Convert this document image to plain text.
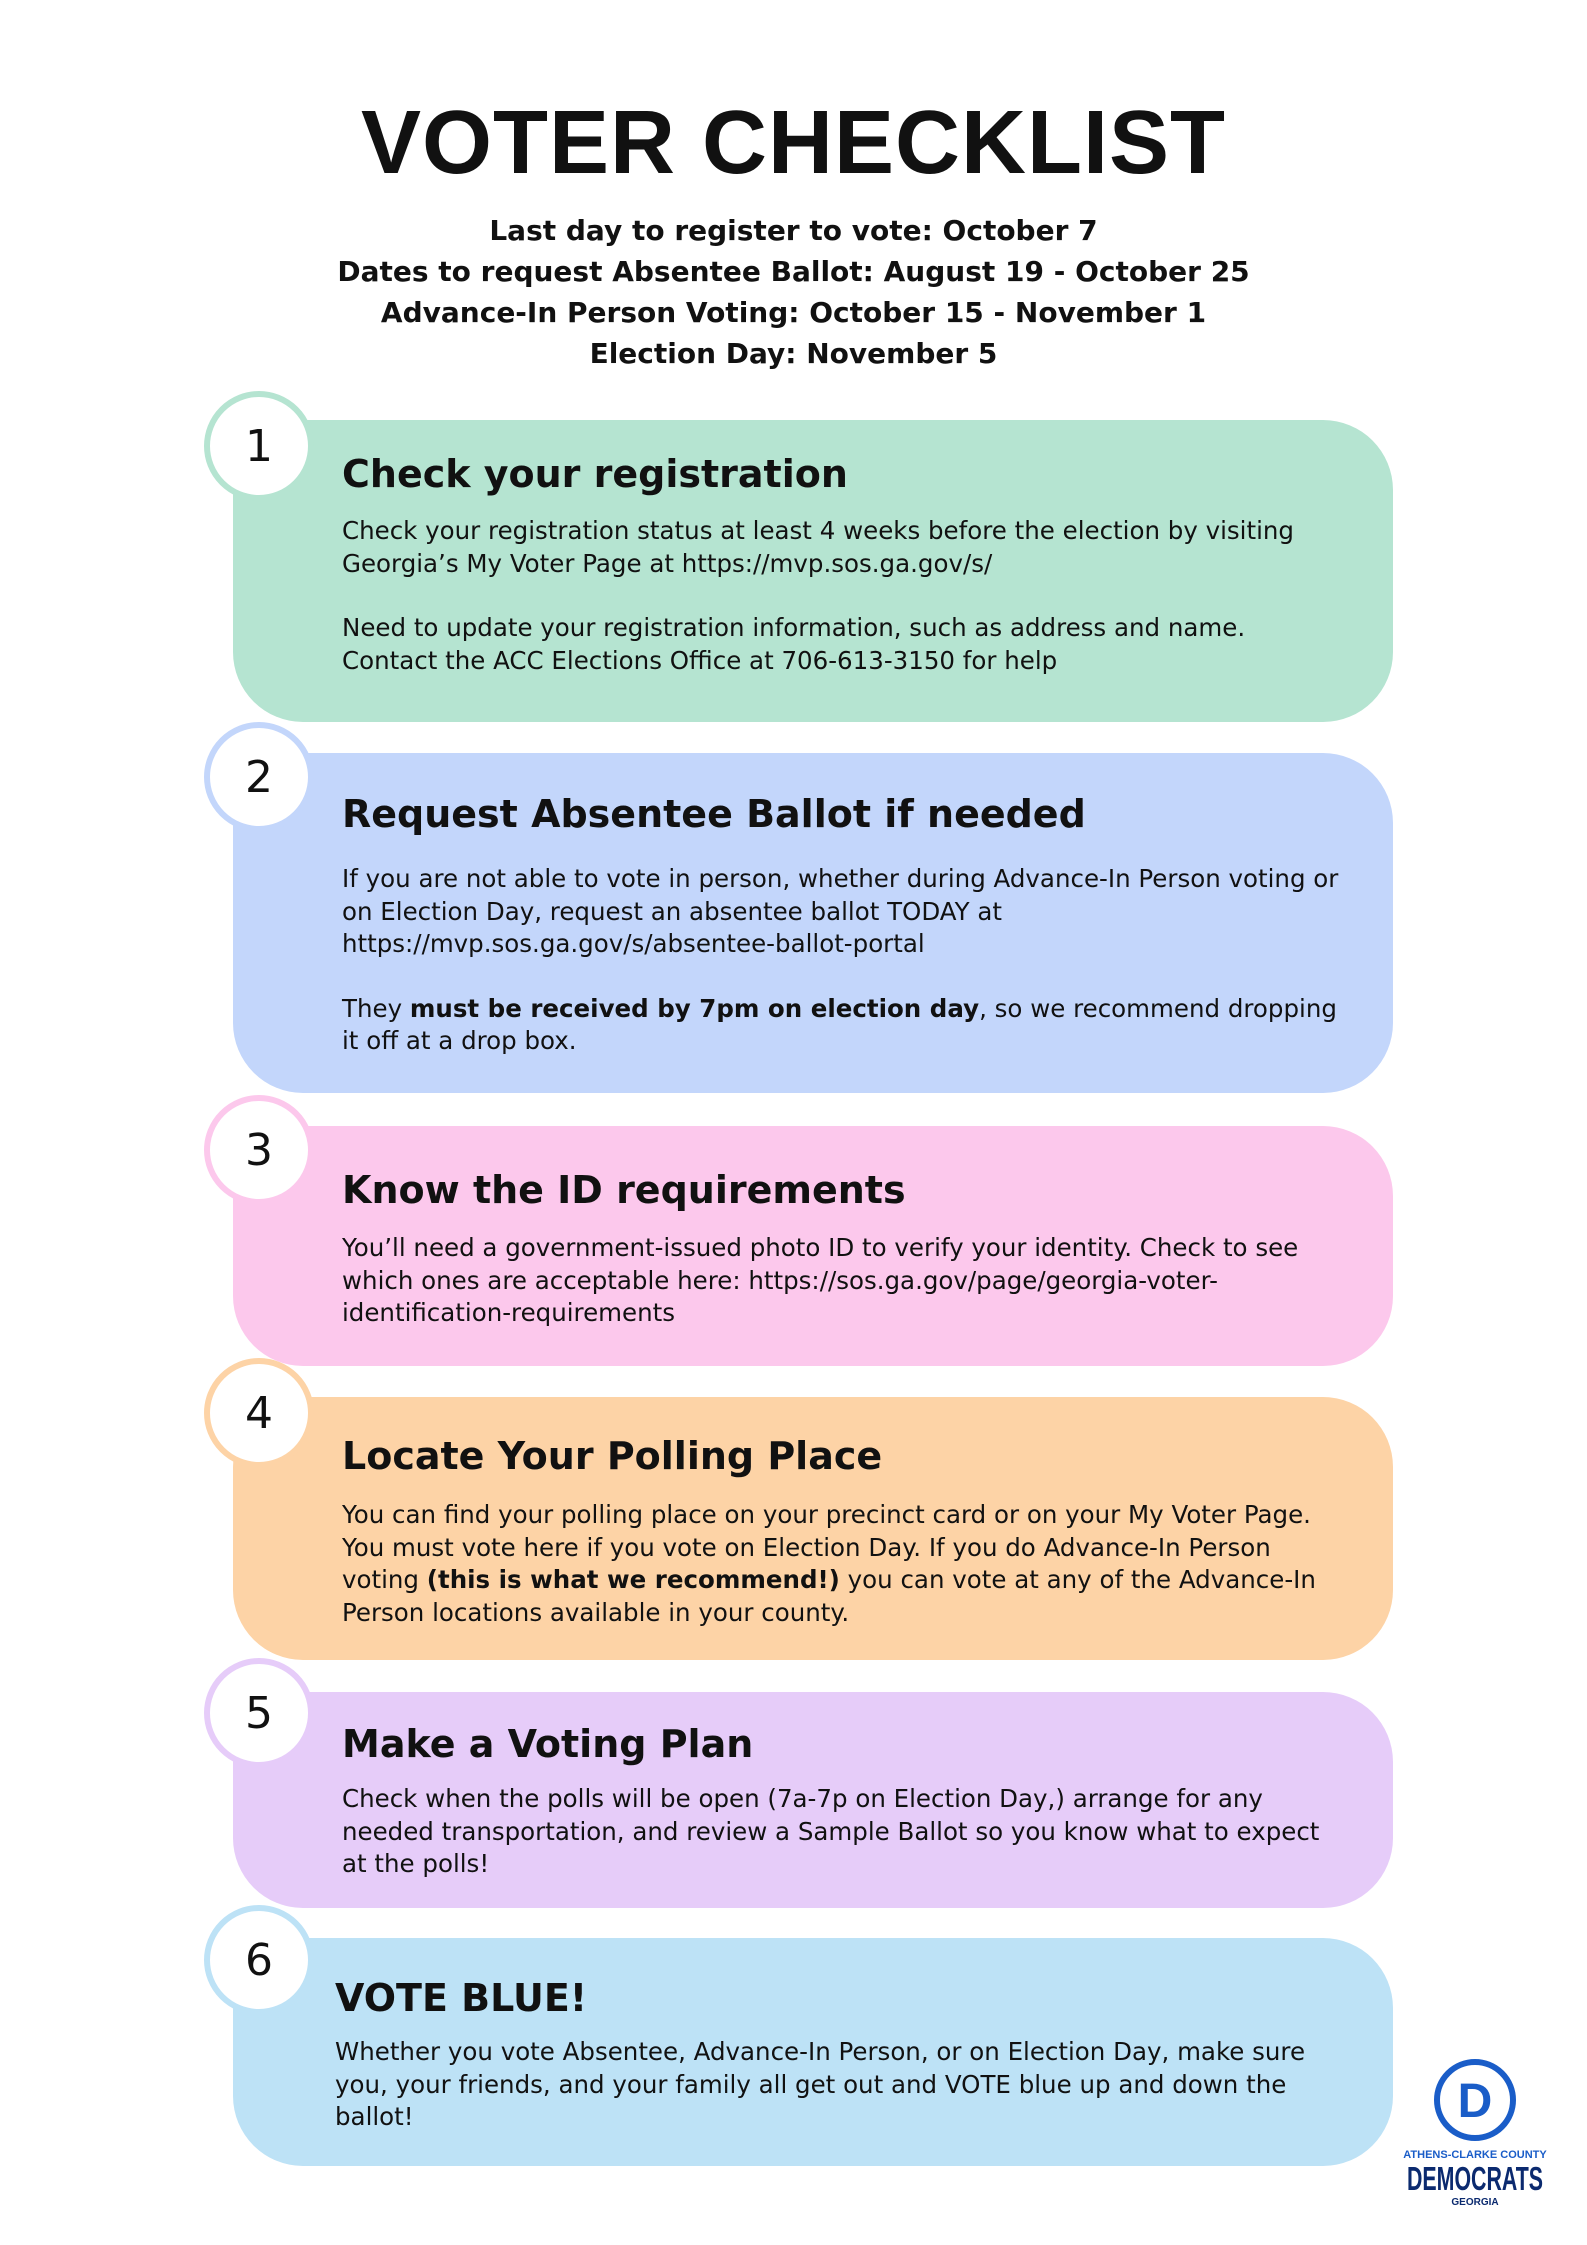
VOTER CHECKLIST
Last day to register to vote: October 7
Dates to request Absentee Ballot: August 19 - October 25
Advance-In Person Voting: October 15 - November 1
Election Day: November 5
1
Check your registration

Check your registration status at least 4 weeks before the election by visiting Georgia’s My Voter Page at https://mvp.sos.ga.gov/s/

Need to update your registration information, such as address and name. Contact the ACC Elections Office at 706-613-3150 for help

2
Request Absentee Ballot if needed

If you are not able to vote in person, whether during Advance-In Person voting or on Election Day, request an absentee ballot TODAY at https://mvp.sos.ga.gov/s/absentee-ballot-portal

They must be received by 7pm on election day, so we recommend dropping it off at a drop box.

3
Know the ID requirements

You’ll need a government-issued photo ID to verify your identity. Check to see which ones are acceptable here: https://sos.ga.gov/page/georgia-voter-identification-requirements

4
Locate Your Polling Place

You can find your polling place on your precinct card or on your My Voter Page. You must vote here if you vote on Election Day. If you do Advance-In Person voting (this is what we recommend!) you can vote at any of the Advance-In Person locations available in your county.

5
Make a Voting Plan

Check when the polls will be open (7a-7p on Election Day,) arrange for any needed transportation, and review a Sample Ballot so you know what to expect at the polls!

6
VOTE BLUE!

Whether you vote Absentee, Advance-In Person, or on Election Day, make sure you, your friends, and your family all get out and VOTE blue up and down the ballot!	D
ATHENS-CLARKE COUNTY
DEMOCRATS
GEORGIA
